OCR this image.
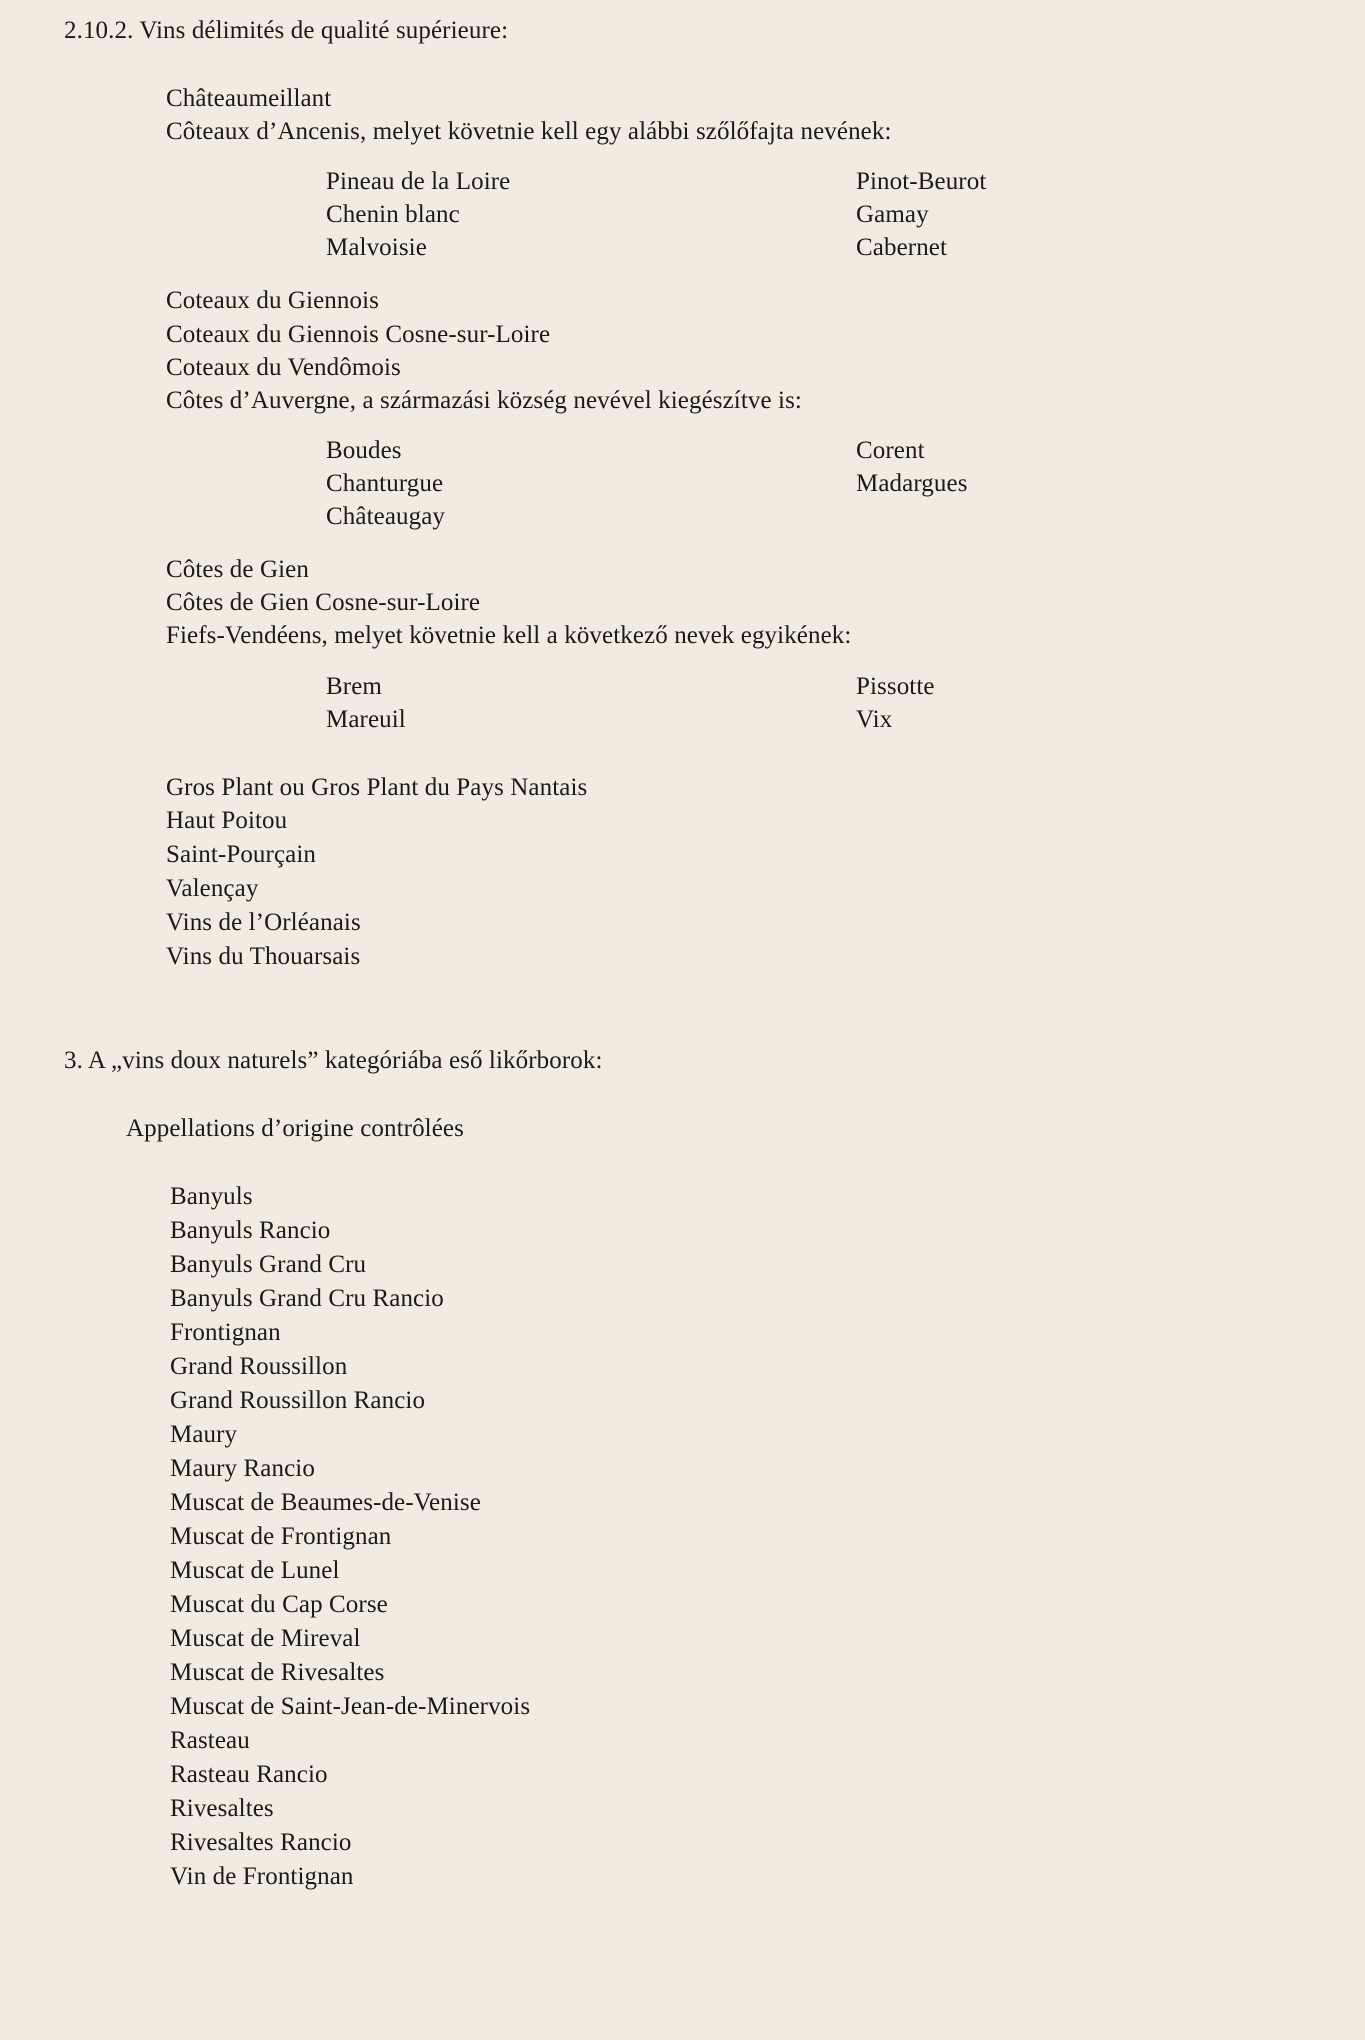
2.10.2. Vins délimités de qualité supérieure:
Châteaumeillant
Côteaux d’Ancenis, melyet követnie kell egy alábbi szőlőfajta nevének:
Pineau de la Loire
Chenin blanc
Malvoisie
Pinot-Beurot
Gamay
Cabernet
Coteaux du Giennois
Coteaux du Giennois Cosne-sur-Loire
Coteaux du Vendômois
Côtes d’Auvergne, a származási község nevével kiegészítve is:
Boudes
Chanturgue
Châteaugay
Corent
Madargues
Côtes de Gien
Côtes de Gien Cosne-sur-Loire
Fiefs-Vendéens, melyet követnie kell a következő nevek egyikének:
Brem
Mareuil
Pissotte
Vix
Gros Plant ou Gros Plant du Pays Nantais
Haut Poitou
Saint-Pourçain
Valençay
Vins de l’Orléanais
Vins du Thouarsais
3. A „vins doux naturels” kategóriába eső likőrborok:
Appellations d’origine contrôlées
Banyuls
Banyuls Rancio
Banyuls Grand Cru
Banyuls Grand Cru Rancio
Frontignan
Grand Roussillon
Grand Roussillon Rancio
Maury
Maury Rancio
Muscat de Beaumes-de-Venise
Muscat de Frontignan
Muscat de Lunel
Muscat du Cap Corse
Muscat de Mireval
Muscat de Rivesaltes
Muscat de Saint-Jean-de-Minervois
Rasteau
Rasteau Rancio
Rivesaltes
Rivesaltes Rancio
Vin de Frontignan
